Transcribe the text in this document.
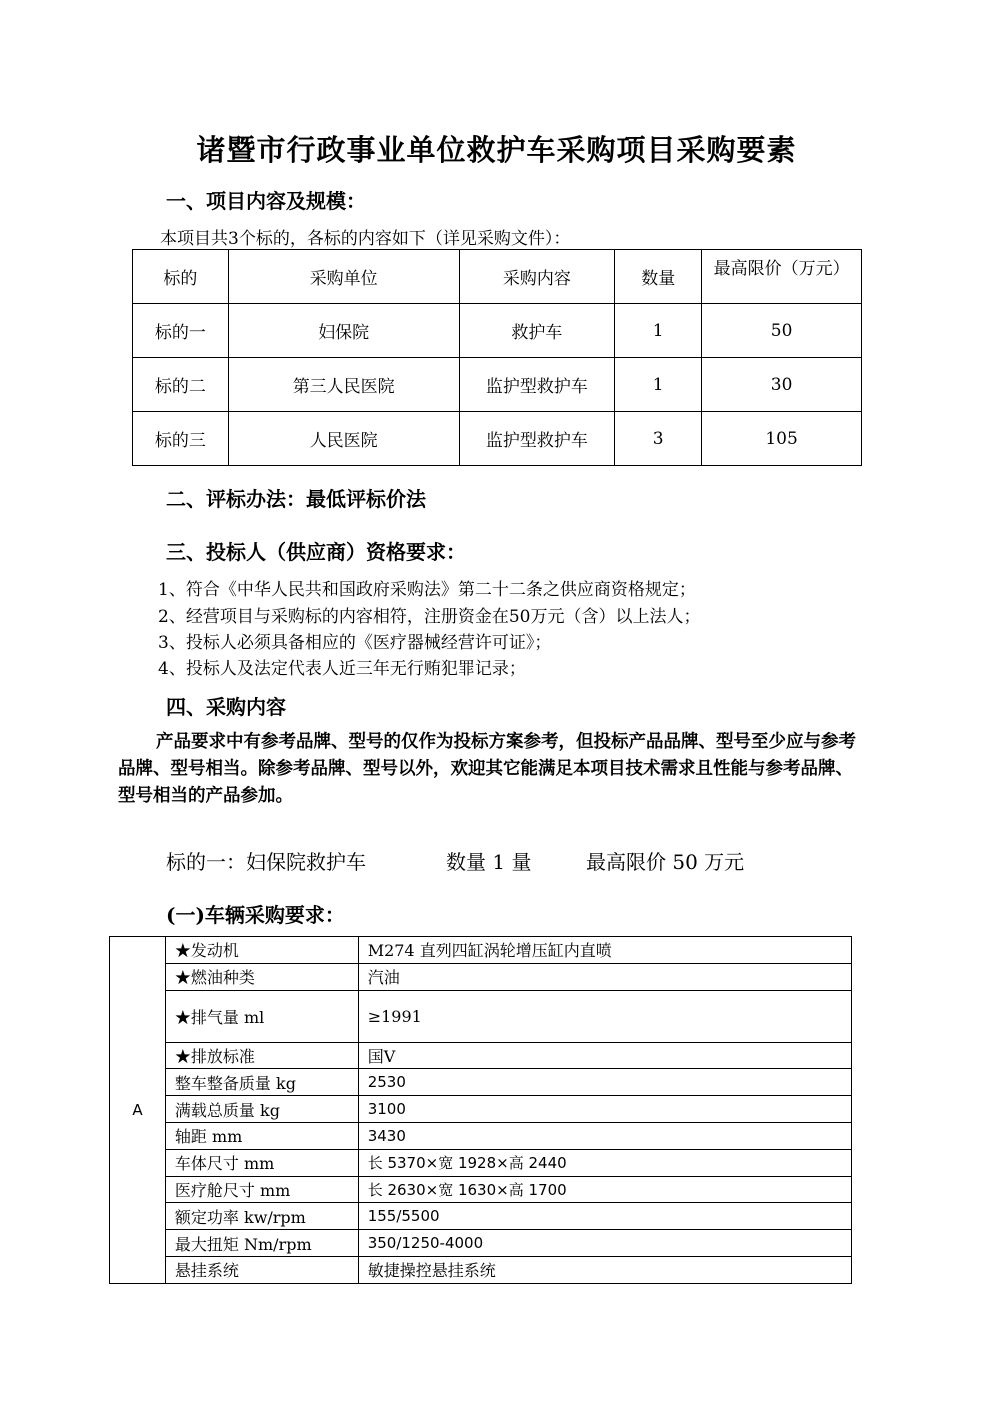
诸暨市行政事业单位救护车采购项目采购要素
一、项目内容及规模：
本项目共3个标的，各标的内容如下（详见采购文件）：
标的	采购单位	采购内容	数量	最高限价（万元）
标的一	妇保院	救护车	1	50
标的二	第三人民医院	监护型救护车	1	30
标的三	人民医院	监护型救护车	3	105
二、评标办法：最低评标价法
三、投标人（供应商）资格要求：
1、符合《中华人民共和国政府采购法》第二十二条之供应商资格规定；
2、经营项目与采购标的内容相符，注册资金在50万元（含）以上法人；
3、投标人必须具备相应的《医疗器械经营许可证》；
4、投标人及法定代表人近三年无行贿犯罪记录；
四、采购内容
产品要求中有参考品牌、型号的仅作为投标方案参考，但投标产品品牌、型号至少应与参考品牌、型号相当。除参考品牌、型号以外，欢迎其它能满足本项目技术需求且性能与参考品牌、型号相当的产品参加。
标的一：妇保院救护车	数量 1 量	最高限价 50 万元
(一)车辆采购要求：
A	★发动机	M274 直列四缸涡轮增压缸内直喷
	★燃油种类	汽油
	★排气量 ml	≥1991
	★排放标准	国Ⅴ
	整车整备质量 kg	2530
	满载总质量 kg	3100
	轴距 mm	3430
	车体尺寸 mm	长 5370×宽 1928×高 2440
	医疗舱尺寸 mm	长 2630×宽 1630×高 1700
	额定功率 kw/rpm	155/5500
	最大扭矩 Nm/rpm	350/1250-4000
	悬挂系统	敏捷操控悬挂系统
